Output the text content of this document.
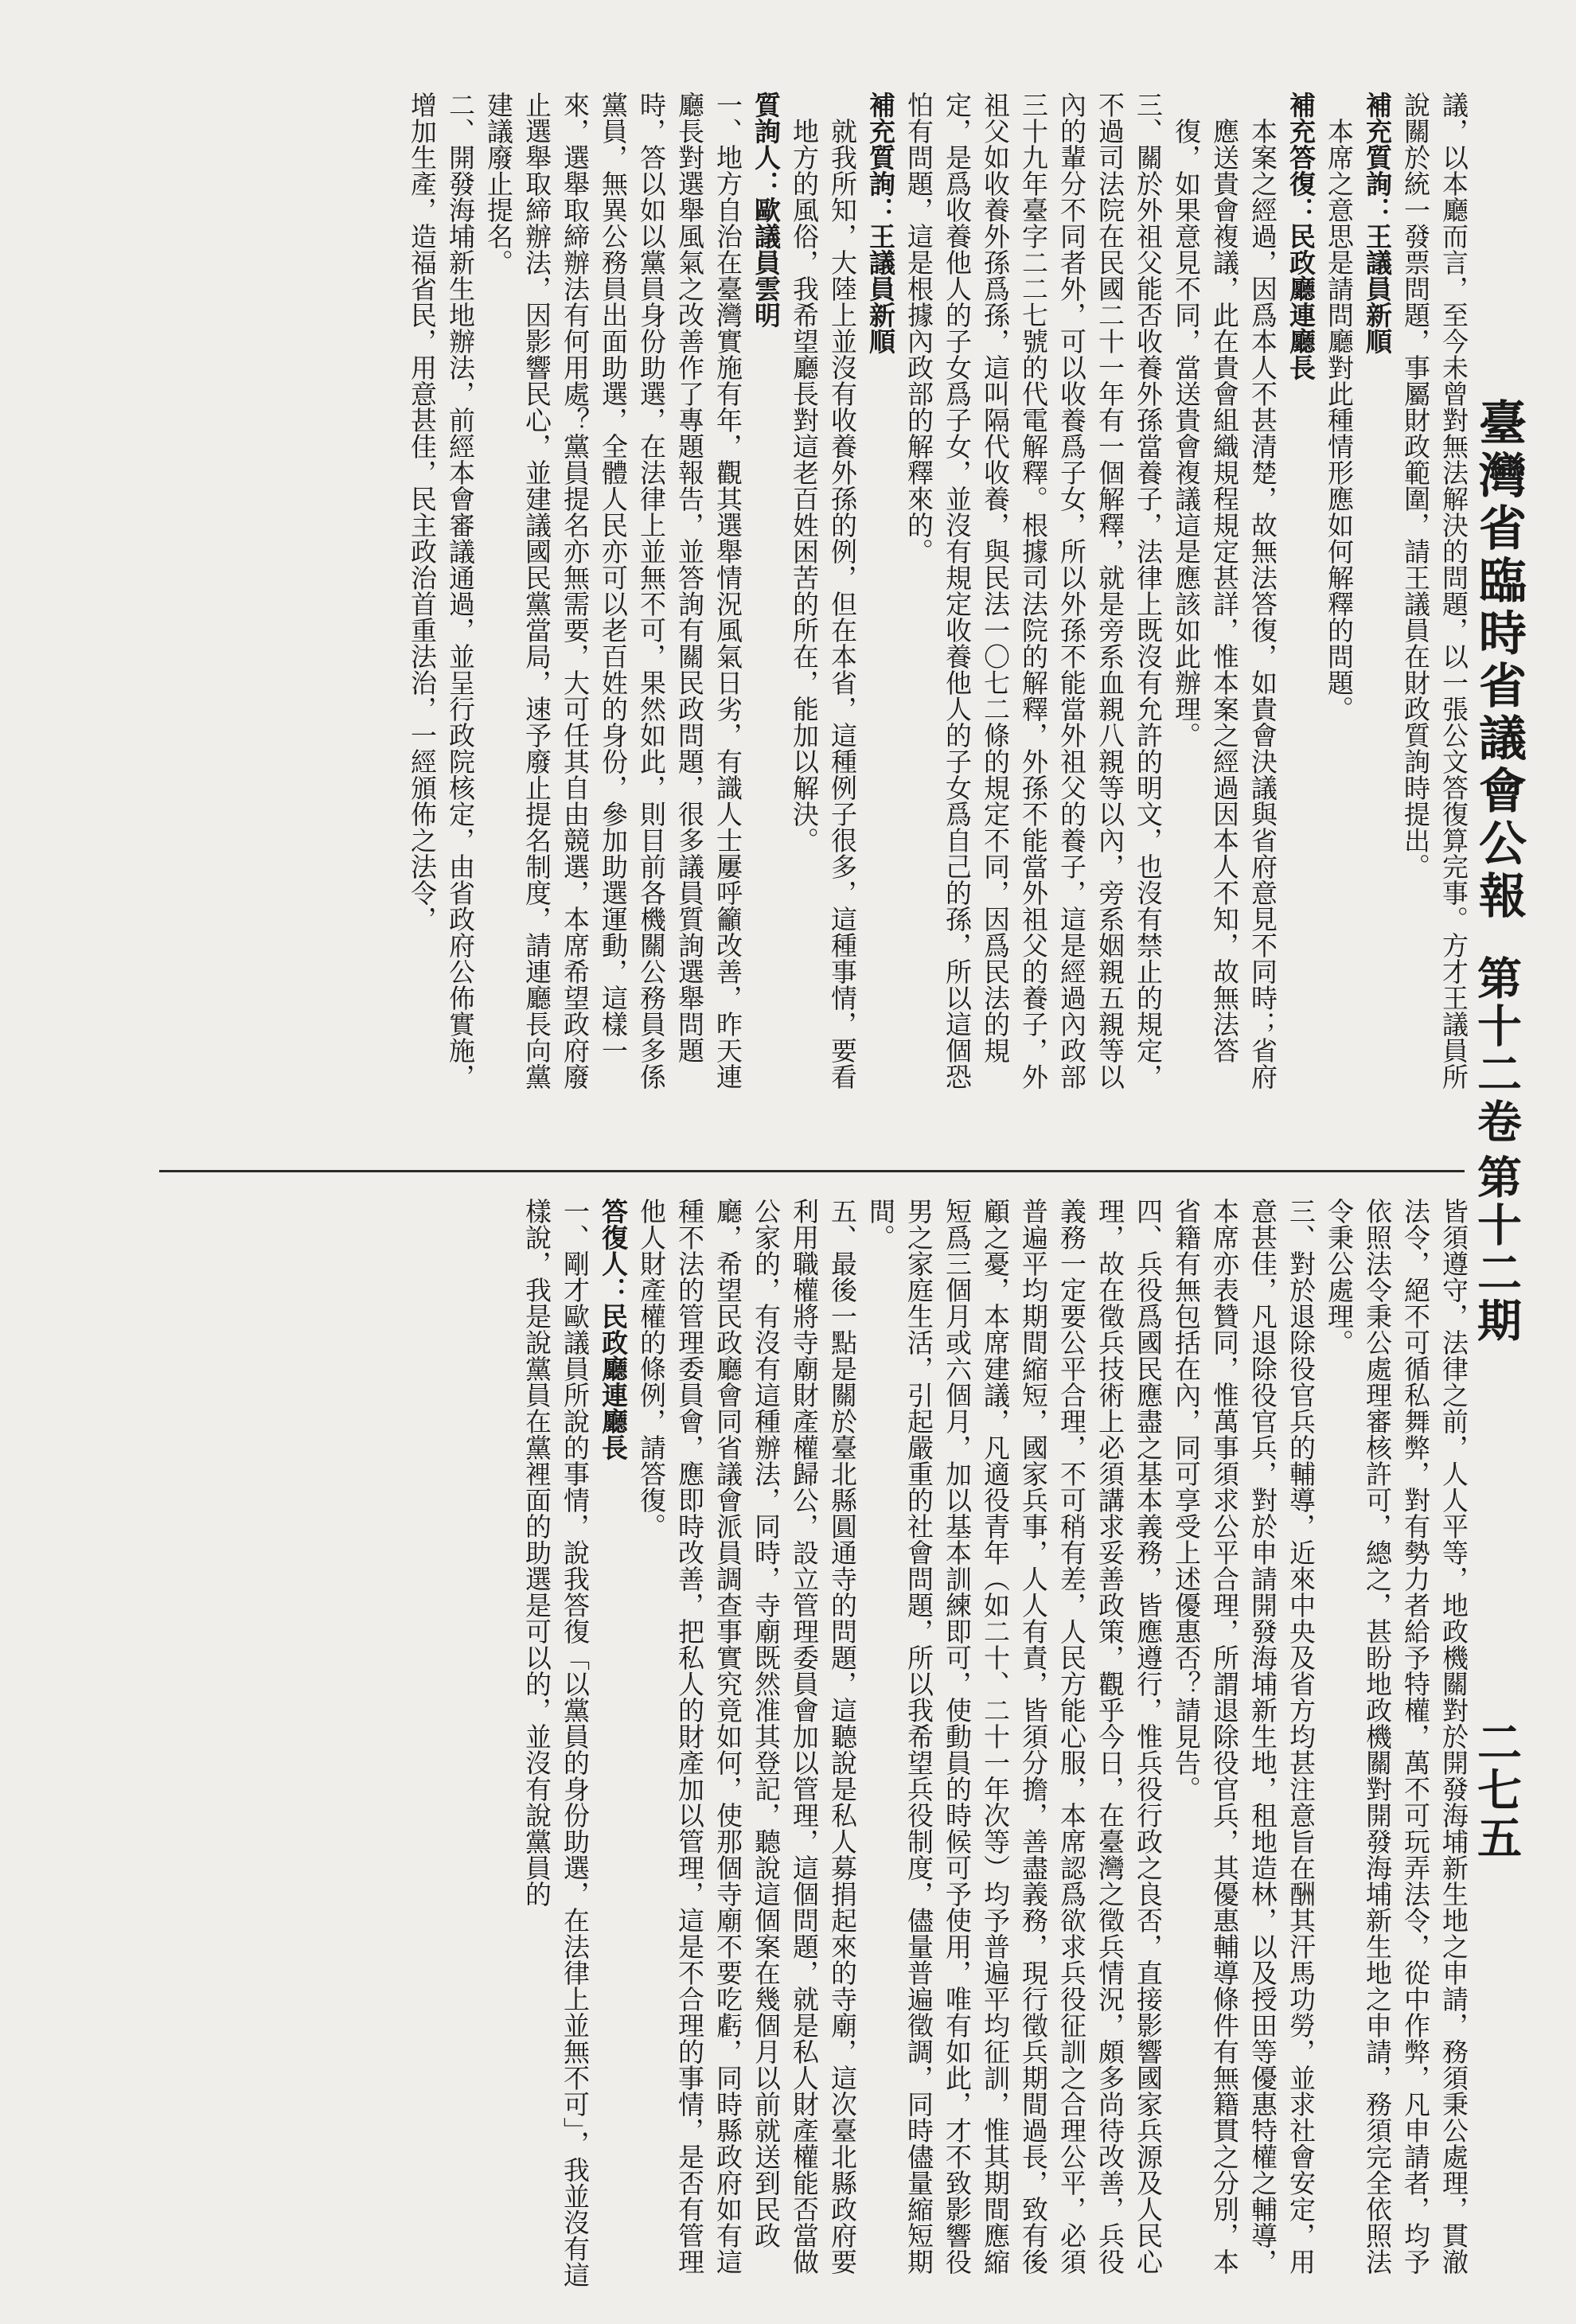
臺灣省臨時省議會公報
第十二卷
第十二期
二七五

議，以本廳而言，至今未曾對無法解決的問題，以一張公文答復算完事。方才王議員所說關於統一發票問題，事屬財政範圍，請王議員在財政質詢時提出。

補充質詢：王議員新順

本席之意思是請問廳對此種情形應如何解釋的問題。

補充答復：民政廳連廳長

本案之經過，因爲本人不甚清楚，故無法答復，如貴會決議與省府意見不同時；省府應送貴會複議，此在貴會組織規程規定甚詳，惟本案之經過因本人不知，故無法答復，如果意見不同，當送貴會複議這是應該如此辦理。

三、關於外祖父能否收養外孫當養子，法律上既沒有允許的明文，也沒有禁止的規定，不過司法院在民國二十一年有一個解釋，就是旁系血親八親等以內，旁系姻親五親等以內的輩分不同者外，可以收養爲子女，所以外孫不能當外祖父的養子，這是經過內政部三十九年臺字二二七號的代電解釋。根據司法院的解釋，外孫不能當外祖父的養子，外祖父如收養外孫爲孫，這叫隔代收養，與民法一〇七二條的規定不同，因爲民法的規定，是爲收養他人的子女爲子女，並沒有規定收養他人的子女爲自己的孫，所以這個恐怕有問題，這是根據內政部的解釋來的。

補充質詢：王議員新順

就我所知，大陸上並沒有收養外孫的例，但在本省，這種例子很多，這種事情，要看地方的風俗，我希望廳長對這老百姓困苦的所在，能加以解決。

質詢人：歐議員雲明

一、地方自治在臺灣實施有年，觀其選舉情況風氣日劣，有識人士屢呼籲改善，昨天連廳長對選舉風氣之改善作了專題報告，並答詢有關民政問題，很多議員質詢選舉問題時，答以如以黨員身份助選，在法律上並無不可，果然如此，則目前各機關公務員多係黨員，無異公務員出面助選，全體人民亦可以老百姓的身份，參加助選運動，這樣一來，選舉取締辦法有何用處？黨員提名亦無需要，大可任其自由競選，本席希望政府廢止選舉取締辦法，因影響民心，並建議國民黨當局，速予廢止提名制度，請連廳長向黨建議廢止提名。

二、開發海埔新生地辦法，前經本會審議通過，並呈行政院核定，由省政府公佈實施，增加生產，造福省民，用意甚佳，民主政治首重法治，一經頒佈之法令，

皆須遵守，法律之前，人人平等，地政機關對於開發海埔新生地之申請，務須秉公處理，貫澈法令，絕不可循私舞弊，對有勢力者給予特權，萬不可玩弄法令，從中作弊，凡申請者，均予依照法令秉公處理審核許可，總之，甚盼地政機關對開發海埔新生地之申請，務須完全依照法令秉公處理。

三、對於退除役官兵的輔導，近來中央及省方均甚注意旨在酬其汗馬功勞，並求社會安定，用意甚佳，凡退除役官兵，對於申請開發海埔新生地，租地造林，以及授田等優惠特權之輔導，本席亦表贊同，惟萬事須求公平合理，所謂退除役官兵，其優惠輔導條件有無籍貫之分別，本省籍有無包括在內，同可享受上述優惠否？請見告。

四、兵役爲國民應盡之基本義務，皆應遵行，惟兵役行政之良否，直接影響國家兵源及人民心理，故在徵兵技術上必須講求妥善政策，觀乎今日，在臺灣之徵兵情況，頗多尚待改善，兵役義務一定要公平合理，不可稍有差，人民方能心服，本席認爲欲求兵役征訓之合理公平，必須普遍平均期間縮短，國家兵事，人人有責，皆須分擔，善盡義務，現行徵兵期間過長，致有後顧之憂，本席建議，凡適役青年（如二十、二十一年次等）均予普遍平均征訓，惟其期間應縮短爲三個月或六個月，加以基本訓練即可，使動員的時候可予使用，唯有如此，才不致影響役男之家庭生活，引起嚴重的社會問題，所以我希望兵役制度，儘量普遍徵調，同時儘量縮短期間。

五、最後一點是關於臺北縣圓通寺的問題，這聽說是私人募捐起來的寺廟，這次臺北縣政府要利用職權將寺廟財產權歸公，設立管理委員會加以管理，這個問題，就是私人財產權能否當做公家的，有沒有這種辦法，同時，寺廟既然准其登記，聽說這個案在幾個月以前就送到民政廳，希望民政廳會同省議會派員調查事實究竟如何，使那個寺廟不要吃虧，同時縣政府如有這種不法的管理委員會，應即時改善，把私人的財產加以管理，這是不合理的事情，是否有管理他人財產權的條例，請答復。

答復人：民政廳連廳長

一、剛才歐議員所說的事情，說我答復「以黨員的身份助選，在法律上並無不可」，我並沒有這樣說，我是說黨員在黨裡面的助選是可以的，並沒有說黨員的
